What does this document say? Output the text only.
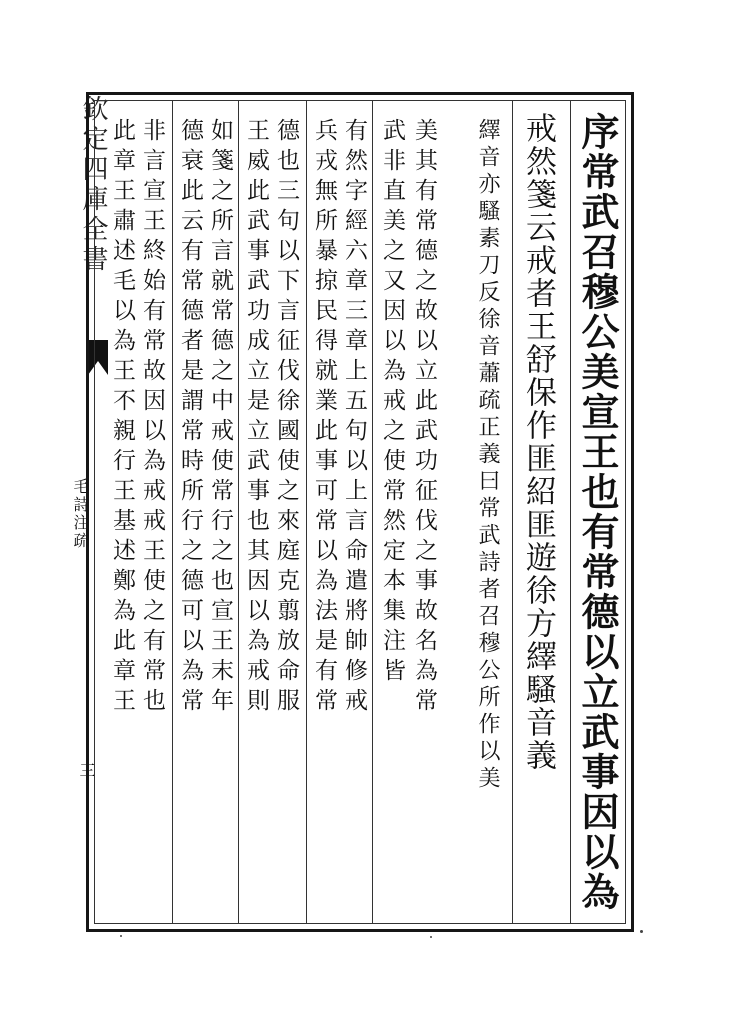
欽定四庫全書
毛詩注疏
三	序常武召穆公美宣王也有常德以立武事因以為
戒然箋云戒者王舒保作匪紹匪遊徐方繹騷音義
繹音亦騷素刀反徐音蕭疏正義曰常武詩者召穆公所作以美
美其有常德之故以立此武功征伐之事故名為常
武非直美之又因以為戒之使常然定本集注皆
有然字經六章三章上五句以上言命遣將帥修戒
兵戎無所暴掠民得就業此事可常以為法是有常
德也三句以下言征伐徐國使之來庭克翦放命服
王威此武事武功成立是立武事也其因以為戒則
如箋之所言就常德之中戒使常行之也宣王末年
德衰此云有常德者是謂常時所行之德可以為常
非言宣王終始有常故因以為戒戒王使之有常也
此章王肅述毛以為王不親行王基述鄭為此章王
